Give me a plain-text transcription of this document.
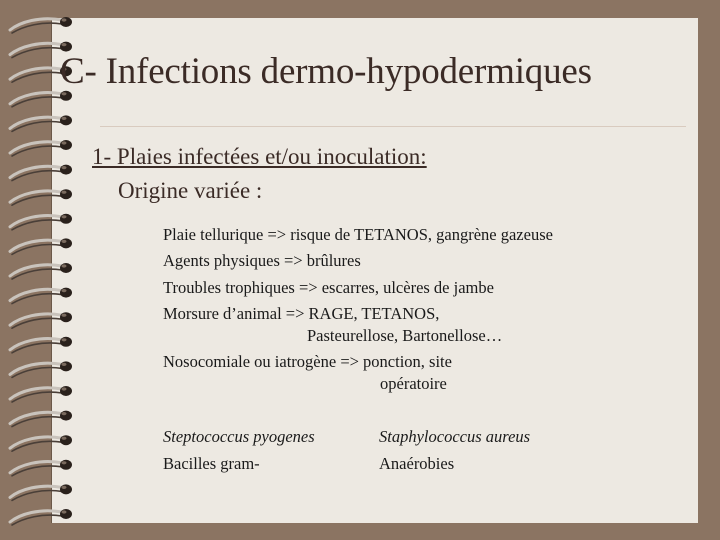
C- Infections dermo-hypodermiques
1- Plaies infectées et/ou inoculation:
Origine variée :
Plaie tellurique => risque de TETANOS, gangrène gazeuse
Agents physiques => brûlures
Troubles trophiques => escarres, ulcères de jambe
Morsure d’animal => RAGE, TETANOS,
Pasteurellose, Bartonellose…
Nosocomiale ou iatrogène => ponction, site
opératoire
Steptococcus pyogenes
Bacilles gram-
Staphylococcus aureus
Anaérobies
